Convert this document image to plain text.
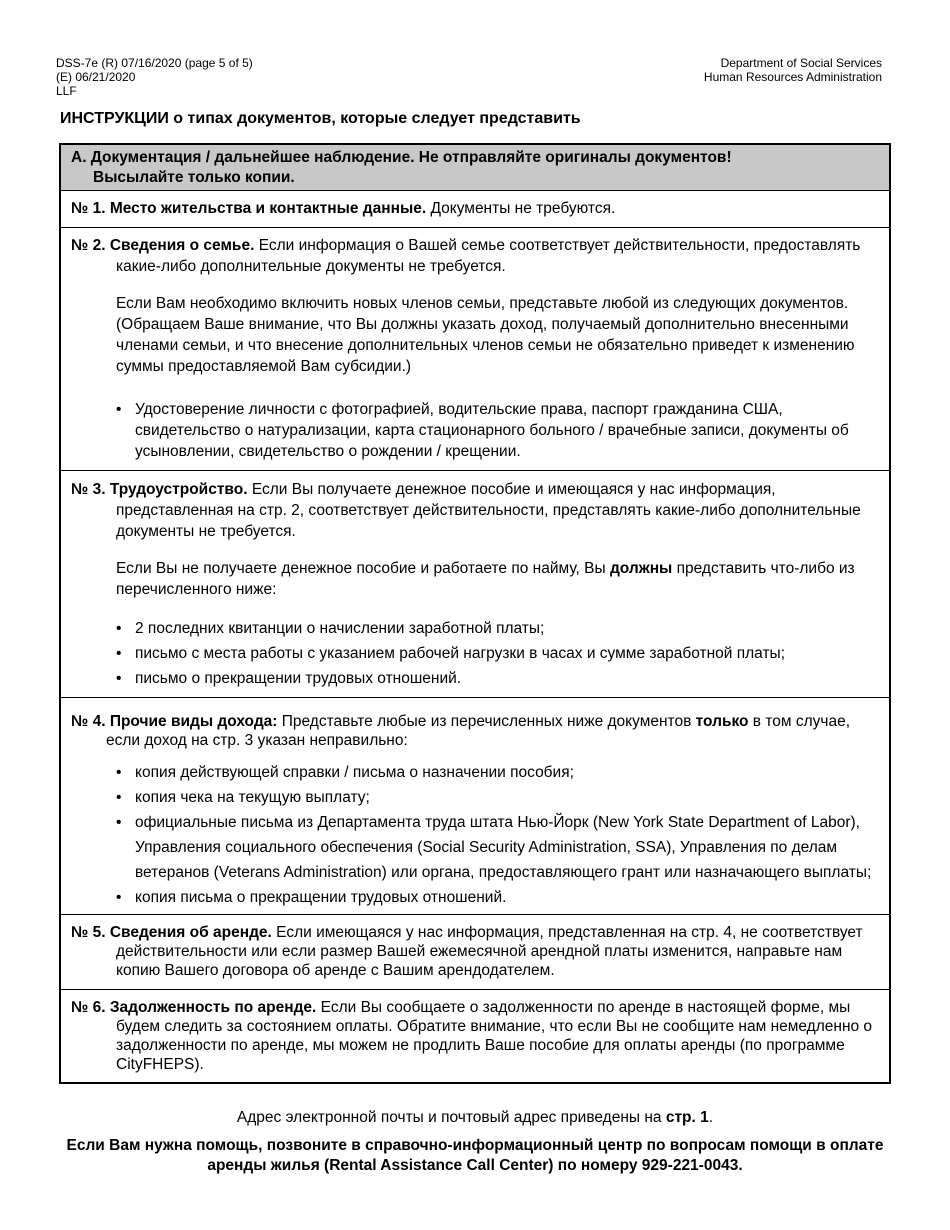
DSS-7e (R) 07/16/2020 (page 5 of 5)
(E) 06/21/2020
LLF
Department of Social Services
Human Resources Administration
ИНСТРУКЦИИ о типах документов, которые следует представить
А. Документация / дальнейшее наблюдение. Не отправляйте оригиналы документов!
Высылайте только копии.
№ 1. Место жительства и контактные данные. Документы не требуются.
№ 2. Сведения о семье. Если информация о Вашей семье соответствует действительности, предоставлять какие-либо дополнительные документы не требуется.
Если Вам необходимо включить новых членов семьи, представьте любой из следующих документов. (Обращаем Ваше внимание, что Вы должны указать доход, получаемый дополнительно внесенными членами семьи, и что внесение дополнительных членов семьи не обязательно приведет к изменению суммы предоставляемой Вам субсидии.)
• Удостоверение личности с фотографией, водительские права, паспорт гражданина США, свидетельство о натурализации, карта стационарного больного / врачебные записи, документы об усыновлении, свидетельство о рождении / крещении.
№ 3. Трудоустройство. Если Вы получаете денежное пособие и имеющаяся у нас информация, представленная на стр. 2, соответствует действительности, представлять какие-либо дополнительные документы не требуется.
Если Вы не получаете денежное пособие и работаете по найму, Вы должны представить что-либо из перечисленного ниже:
• 2 последних квитанции о начислении заработной платы;
• письмо с места работы с указанием рабочей нагрузки в часах и сумме заработной платы;
• письмо о прекращении трудовых отношений.
№ 4. Прочие виды дохода: Представьте любые из перечисленных ниже документов только в том случае, если доход на стр. 3 указан неправильно:
• копия действующей справки / письма о назначении пособия;
• копия чека на текущую выплату;
• официальные письма из Департамента труда штата Нью-Йорк (New York State Department of Labor), Управления социального обеспечения (Social Security Administration, SSA), Управления по делам ветеранов (Veterans Administration) или органа, предоставляющего грант или назначающего выплаты;
• копия письма о прекращении трудовых отношений.
№ 5. Сведения об аренде. Если имеющаяся у нас информация, представленная на стр. 4, не соответствует действительности или если размер Вашей ежемесячной арендной платы изменится, направьте нам копию Вашего договора об аренде с Вашим арендодателем.
№ 6. Задолженность по аренде. Если Вы сообщаете о задолженности по аренде в настоящей форме, мы будем следить за состоянием оплаты. Обратите внимание, что если Вы не сообщите нам немедленно о задолженности по аренде, мы можем не продлить Ваше пособие для оплаты аренды (по программе CityFHEPS).
Адрес электронной почты и почтовый адрес приведены на стр. 1.
Если Вам нужна помощь, позвоните в справочно-информационный центр по вопросам помощи в оплате аренды жилья (Rental Assistance Call Center) по номеру 929-221-0043.
